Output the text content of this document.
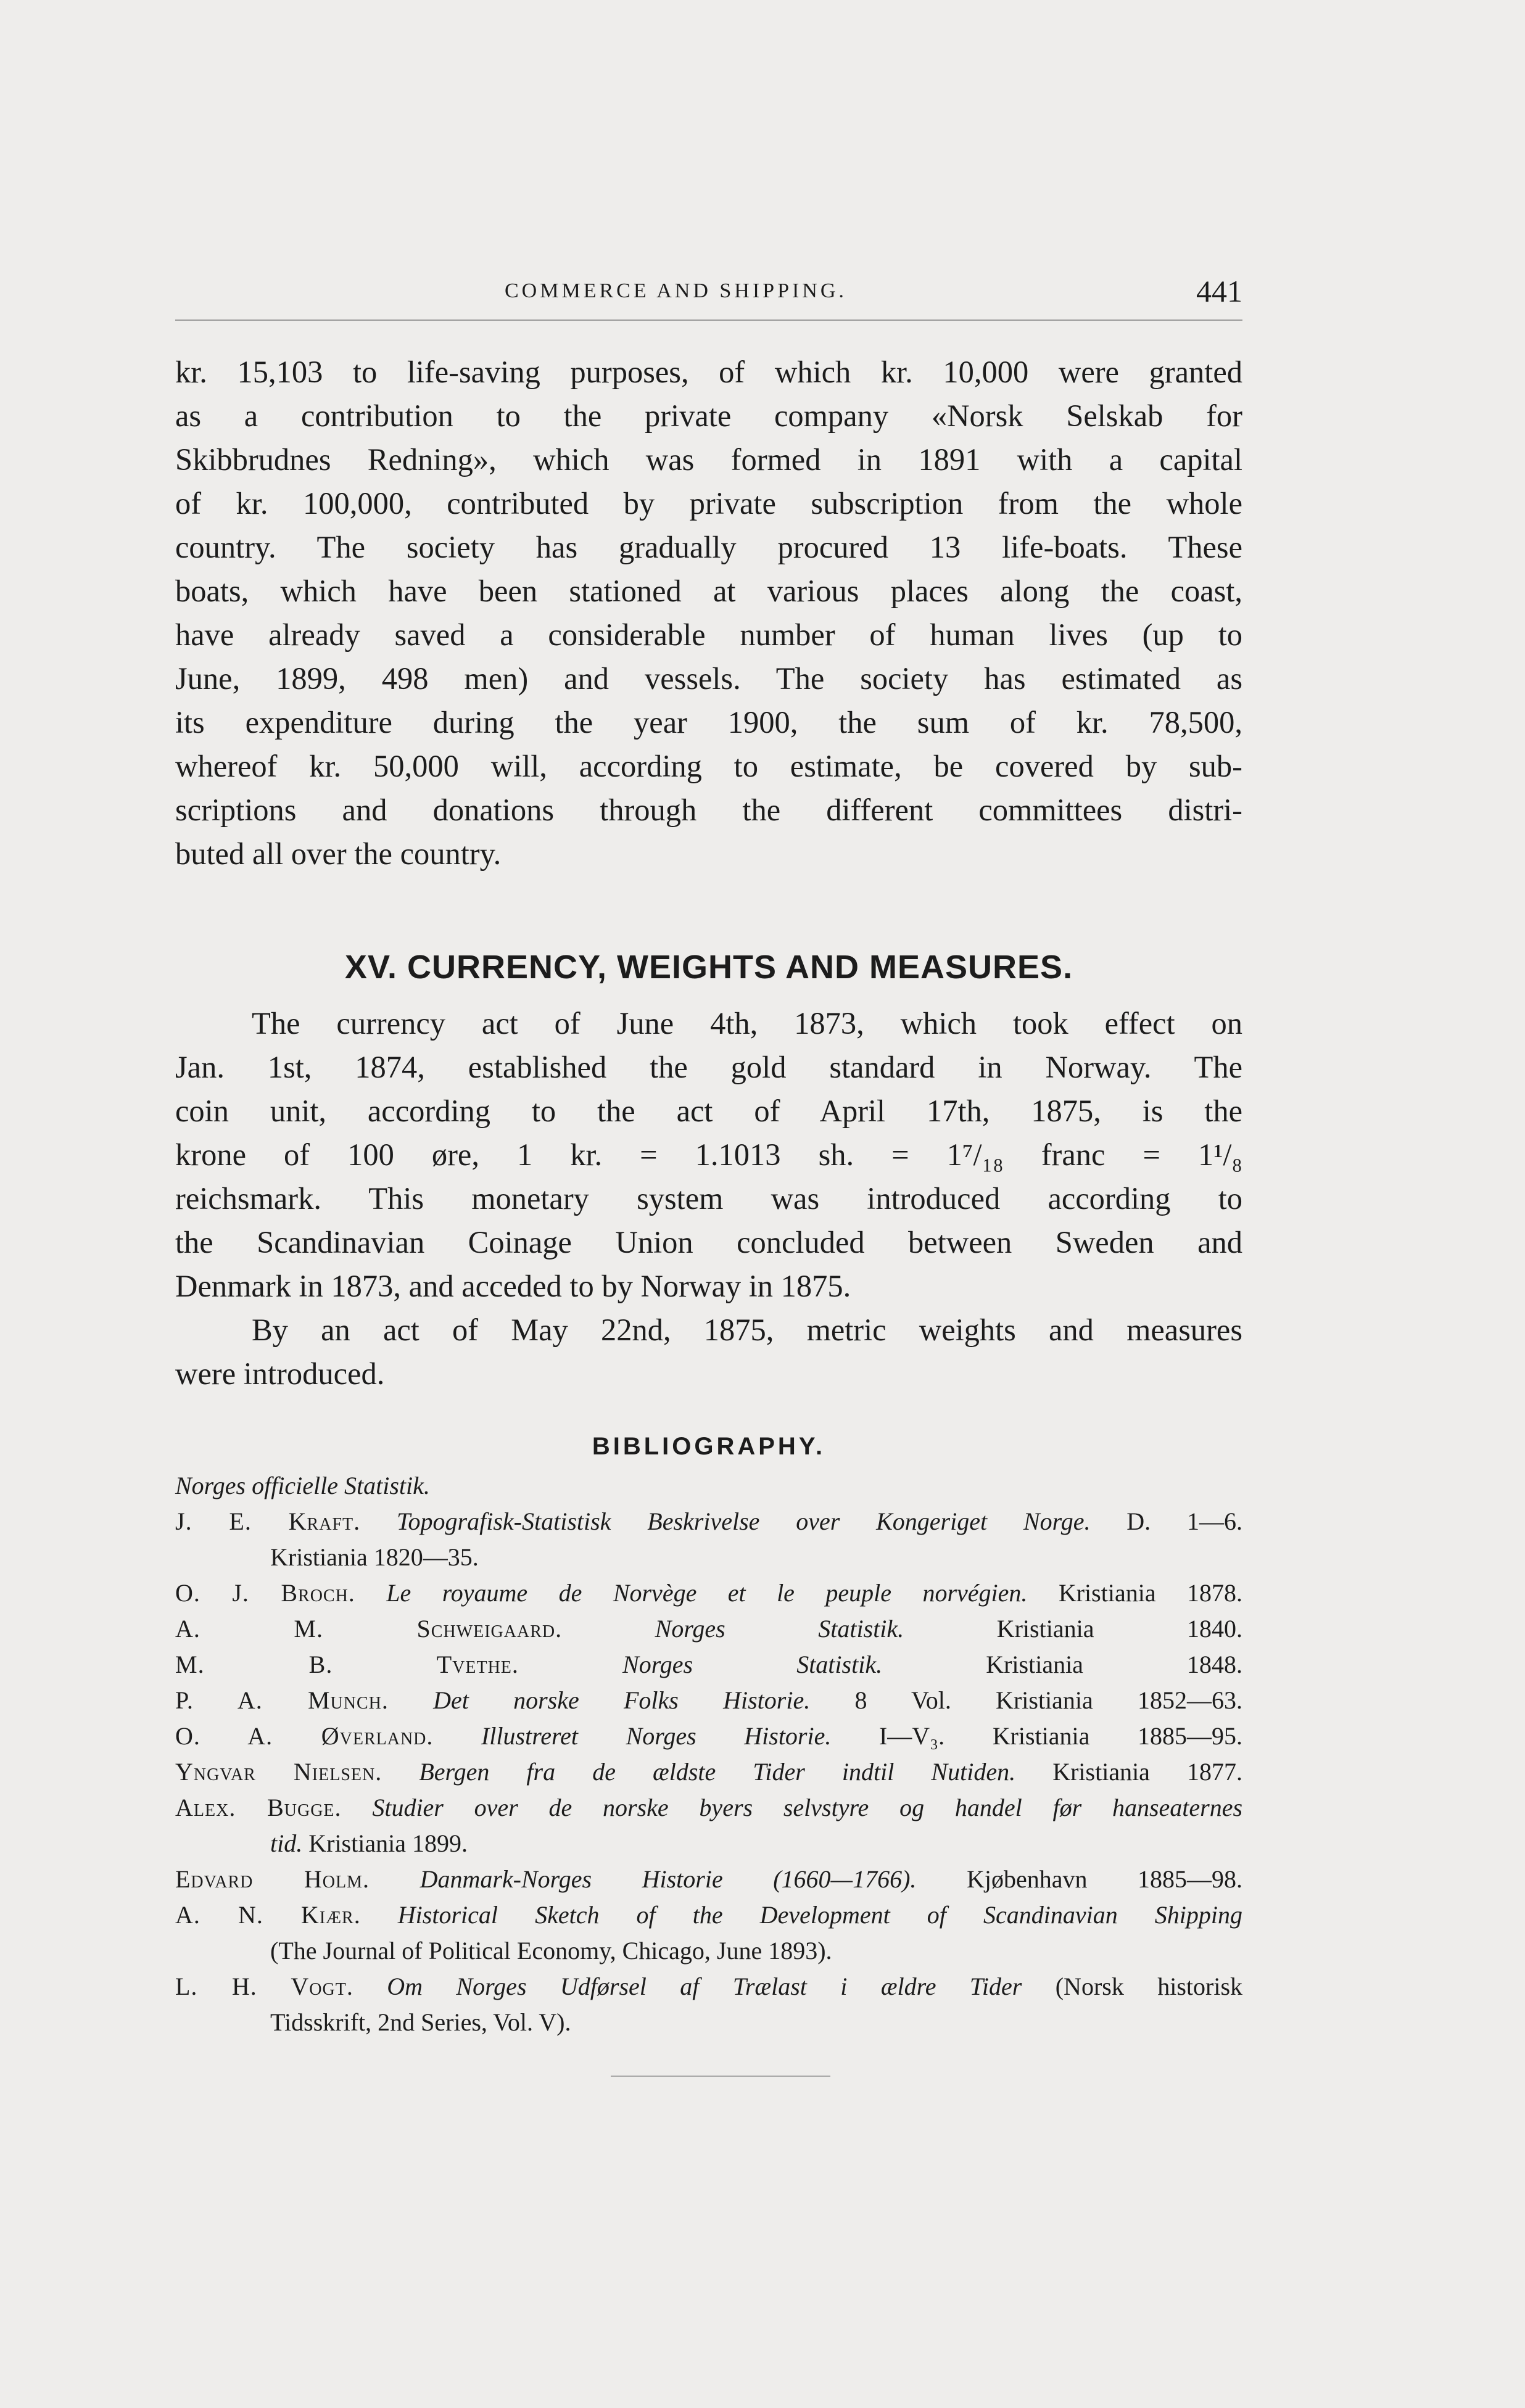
COMMERCE AND SHIPPING.	441

kr. 15,103 to life-saving purposes, of which kr. 10,000 were granted
as a contribution to the private company «Norsk Selskab for
Skibbrudnes Redning», which was formed in 1891 with a capital
of kr. 100,000, contributed by private subscription from the whole
country. The society has gradually procured 13 life-boats. These
boats, which have been stationed at various places along the coast,
have already saved a considerable number of human lives (up to
June, 1899, 498 men) and vessels. The society has estimated as
its expenditure during the year 1900, the sum of kr. 78,500,
whereof kr. 50,000 will, according to estimate, be covered by sub-
scriptions and donations through the different committees distri-
buted all over the country.

XV. CURRENCY, WEIGHTS AND MEASURES.

The currency act of June 4th, 1873, which took effect on
Jan. 1st, 1874, established the gold standard in Norway. The
coin unit, according to the act of April 17th, 1875, is the
krone of 100 øre, 1 kr. = 1.1013 sh. = 1⁷/₁₈ franc = 1¹/₈
reichsmark. This monetary system was introduced according to
the Scandinavian Coinage Union concluded between Sweden and
Denmark in 1873, and acceded to by Norway in 1875.

By an act of May 22nd, 1875, metric weights and measures
were introduced.

BIBLIOGRAPHY.
Norges officielle Statistik.
J. E. Kraft. Topografisk-Statistisk Beskrivelse over Kongeriget Norge. D. 1—6.
Kristiania 1820—35.
O. J. Broch. Le royaume de Norvège et le peuple norvégien. Kristiania 1878.
A. M. Schweigaard.	Norges Statistik.	Kristiania 1840.
M. B. Tvethe.	Norges Statistik.	Kristiania 1848.
P. A. Munch. Det norske Folks Historie. 8 Vol. Kristiania 1852—63.
O. A. Øverland. Illustreret Norges Historie. I—V₃. Kristiania 1885—95.
Yngvar Nielsen. Bergen fra de ældste Tider indtil Nutiden. Kristiania 1877.
Alex. Bugge. Studier over de norske byers selvstyre og handel før hanseaternes
tid. Kristiania 1899.
Edvard Holm. Danmark-Norges Historie (1660—1766). Kjøbenhavn 1885—98.
A. N. Kiær. Historical Sketch of the Development of Scandinavian Shipping
(The Journal of Political Economy, Chicago, June 1893).
L. H. Vogt. Om Norges Udførsel af Trælast i ældre Tider (Norsk historisk
Tidsskrift, 2nd Series, Vol. V).
